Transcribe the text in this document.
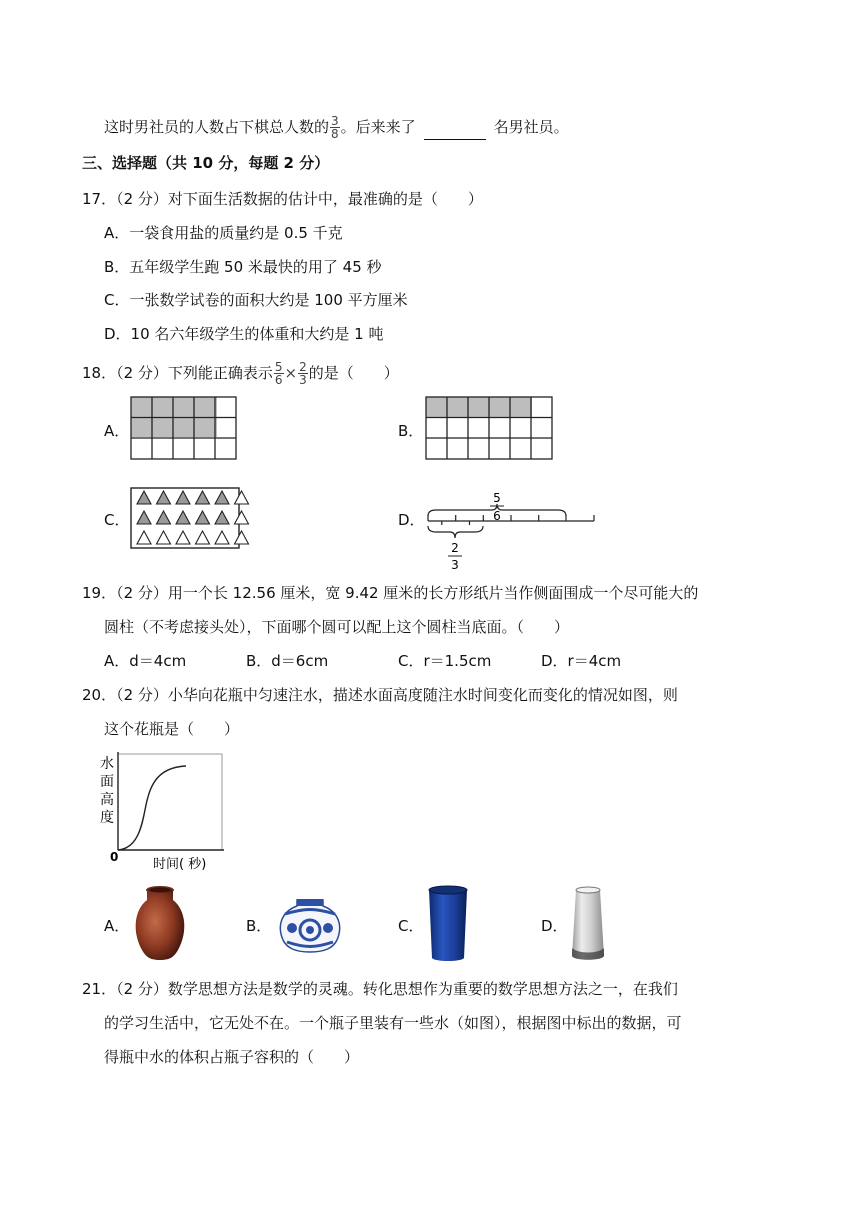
这时男社员的人数占下棋总人数的 $\frac{3}{8}$ 。后来来了	名男社员。
三、选择题（共 10 分，每题 2 分）
17．（2 分）对下面生活数据的估计中，最准确的是（　　）
A．一袋食用盐的质量约是 0.5 千克
B．五年级学生跑 50 米最快的用了 45 秒
C．一张数学试卷的面积大约是 100 平方厘米
D．10 名六年级学生的体重和大约是 1 吨
18．（2 分）下列能正确表示 $\frac{5}{6} \times \frac{2}{3}$ 的是（　　）
A．	B．
C．	D．
5
6
2
3
19．（2 分）用一个长 12.56 厘米，宽 9.42 厘米的长方形纸片当作侧面围成一个尽可能大的
圆柱（不考虑接头处），下面哪个圆可以配上这个圆柱当底面。（　　）
A．d＝4cm	B．d＝6cm	C．r＝1.5cm	D．r＝4cm
20．（2 分）小华向花瓶中匀速注水，描述水面高度随注水时间变化而变化的情况如图，则
这个花瓶是（　　）
水
面
高
度
0	时间( 秒)
A．	B．	C．	D．
21．（2 分）数学思想方法是数学的灵魂。转化思想作为重要的数学思想方法之一，在我们
的学习生活中，它无处不在。一个瓶子里装有一些水（如图），根据图中标出的数据，可
得瓶中水的体积占瓶子容积的（　　）
